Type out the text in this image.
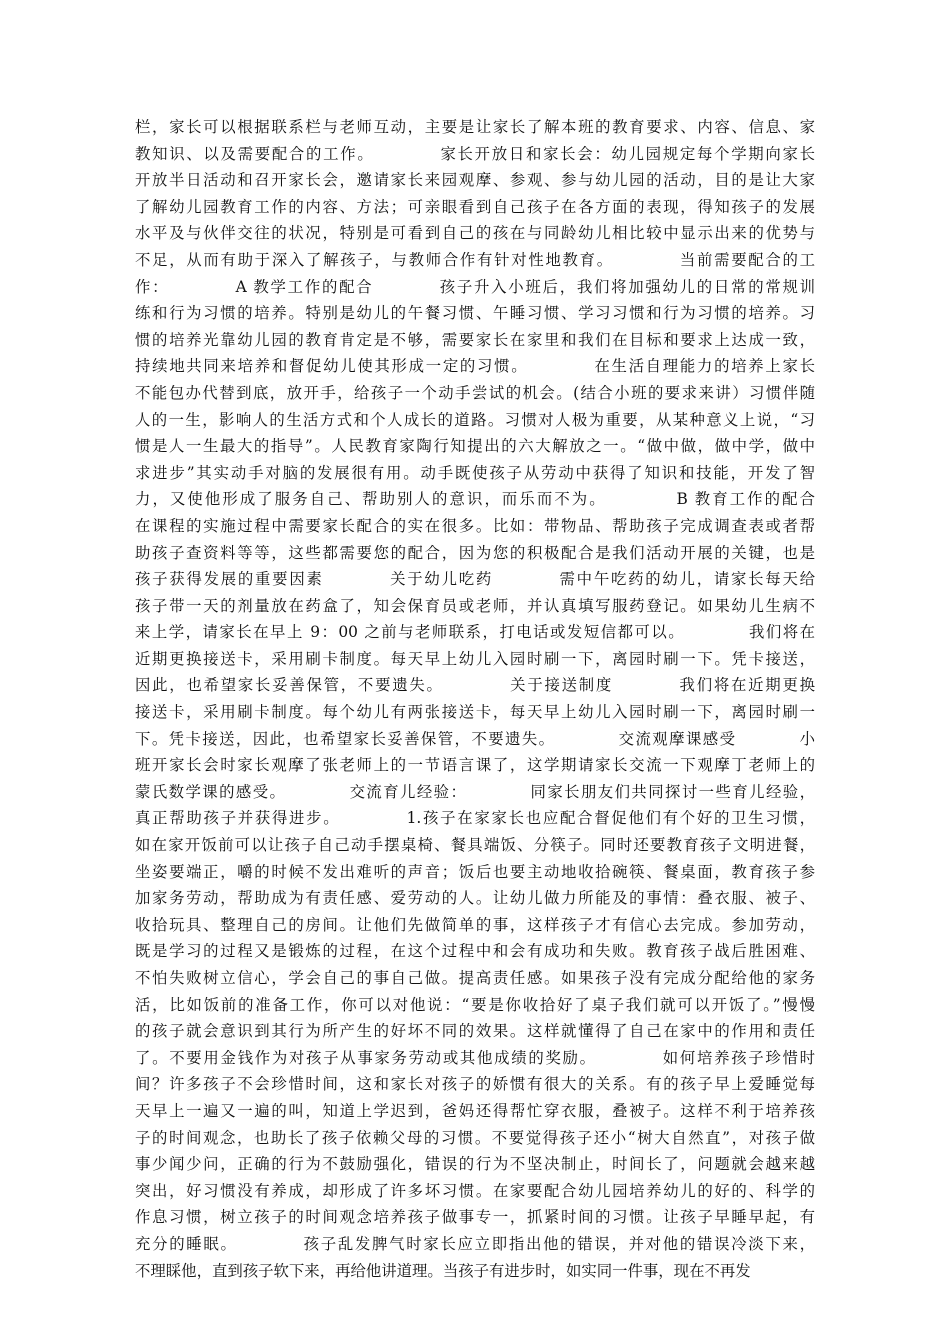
栏，家长可以根据联系栏与老师互动，主要是让家长了解本班的教育要求、内容、信息、家
教知识、以及需要配合的工作。          家长开放日和家长会：幼儿园规定每个学期向家长
开放半日活动和召开家长会，邀请家长来园观摩、参观、参与幼儿园的活动，目的是让大家
了解幼儿园教育工作的内容、方法；可亲眼看到自己孩子在各方面的表现，得知孩子的发展
水平及与伙伴交往的状况，特别是可看到自己的孩在与同龄幼儿相比较中显示出来的优势与
不足，从而有助于深入了解孩子，与教师合作有针对性地教育。          当前需要配合的工
作：          A 教学工作的配合          孩子升入小班后，我们将加强幼儿的日常的常规训
练和行为习惯的培养。特别是幼儿的午餐习惯、午睡习惯、学习习惯和行为习惯的培养。习
惯的培养光靠幼儿园的教育肯定是不够，需要家长在家里和我们在目标和要求上达成一致，
持续地共同来培养和督促幼儿使其形成一定的习惯。          在生活自理能力的培养上家长
不能包办代替到底，放开手，给孩子一个动手尝试的机会。(结合小班的要求来讲）习惯伴随
人的一生，影响人的生活方式和个人成长的道路。习惯对人极为重要，从某种意义上说，“习
惯是人一生最大的指导”。人民教育家陶行知提出的六大解放之一。“做中做，做中学，做中
求进步”其实动手对脑的发展很有用。动手既使孩子从劳动中获得了知识和技能，开发了智
力，又使他形成了服务自己、帮助别人的意识，而乐而不为。          B 教育工作的配合
在课程的实施过程中需要家长配合的实在很多。比如：带物品、帮助孩子完成调查表或者帮
助孩子查资料等等，这些都需要您的配合，因为您的积极配合是我们活动开展的关键，也是
孩子获得发展的重要因素          关于幼儿吃药          需中午吃药的幼儿，请家长每天给
孩子带一天的剂量放在药盒了，知会保育员或老师，并认真填写服药登记。如果幼儿生病不
来上学，请家长在早上 9：00 之前与老师联系，打电话或发短信都可以。          我们将在
近期更换接送卡，采用刷卡制度。每天早上幼儿入园时刷一下，离园时刷一下。凭卡接送，
因此，也希望家长妥善保管，不要遗失。          关于接送制度          我们将在近期更换
接送卡，采用刷卡制度。每个幼儿有两张接送卡，每天早上幼儿入园时刷一下，离园时刷一
下。凭卡接送，因此，也希望家长妥善保管，不要遗失。          交流观摩课感受          小
班开家长会时家长观摩了张老师上的一节语言课了，这学期请家长交流一下观摩丁老师上的
蒙氏数学课的感受。          交流育儿经验：          同家长朋友们共同探讨一些育儿经验，
真正帮助孩子并获得进步。          1.孩子在家家长也应配合督促他们有个好的卫生习惯，
如在家开饭前可以让孩子自己动手摆桌椅、餐具端饭、分筷子。同时还要教育孩子文明进餐，
坐姿要端正，嚼的时候不发出难听的声音；饭后也要主动地收拾碗筷、餐桌面，教育孩子参
加家务劳动，帮助成为有责任感、爱劳动的人。让幼儿做力所能及的事情：叠衣服、被子、
收拾玩具、整理自己的房间。让他们先做简单的事，这样孩子才有信心去完成。参加劳动，
既是学习的过程又是锻炼的过程，在这个过程中和会有成功和失败。教育孩子战后胜困难、
不怕失败树立信心，学会自己的事自己做。提高责任感。如果孩子没有完成分配给他的家务
活，比如饭前的准备工作，你可以对他说：“要是你收拾好了桌子我们就可以开饭了。”慢慢
的孩子就会意识到其行为所产生的好坏不同的效果。这样就懂得了自己在家中的作用和责任
了。不要用金钱作为对孩子从事家务劳动或其他成绩的奖励。          如何培养孩子珍惜时
间？许多孩子不会珍惜时间，这和家长对孩子的娇惯有很大的关系。有的孩子早上爱睡觉每
天早上一遍又一遍的叫，知道上学迟到，爸妈还得帮忙穿衣服，叠被子。这样不利于培养孩
子的时间观念，也助长了孩子依赖父母的习惯。不要觉得孩子还小“树大自然直”，对孩子做
事少闻少问，正确的行为不鼓励强化，错误的行为不坚决制止，时间长了，问题就会越来越
突出，好习惯没有养成，却形成了许多坏习惯。在家要配合幼儿园培养幼儿的好的、科学的
作息习惯，树立孩子的时间观念培养孩子做事专一，抓紧时间的习惯。让孩子早睡早起，有
充分的睡眠。          孩子乱发脾气时家长应立即指出他的错误，并对他的错误冷淡下来，
不理睬他，直到孩子软下来，再给他讲道理。当孩子有进步时，如实同一件事，现在不再发
